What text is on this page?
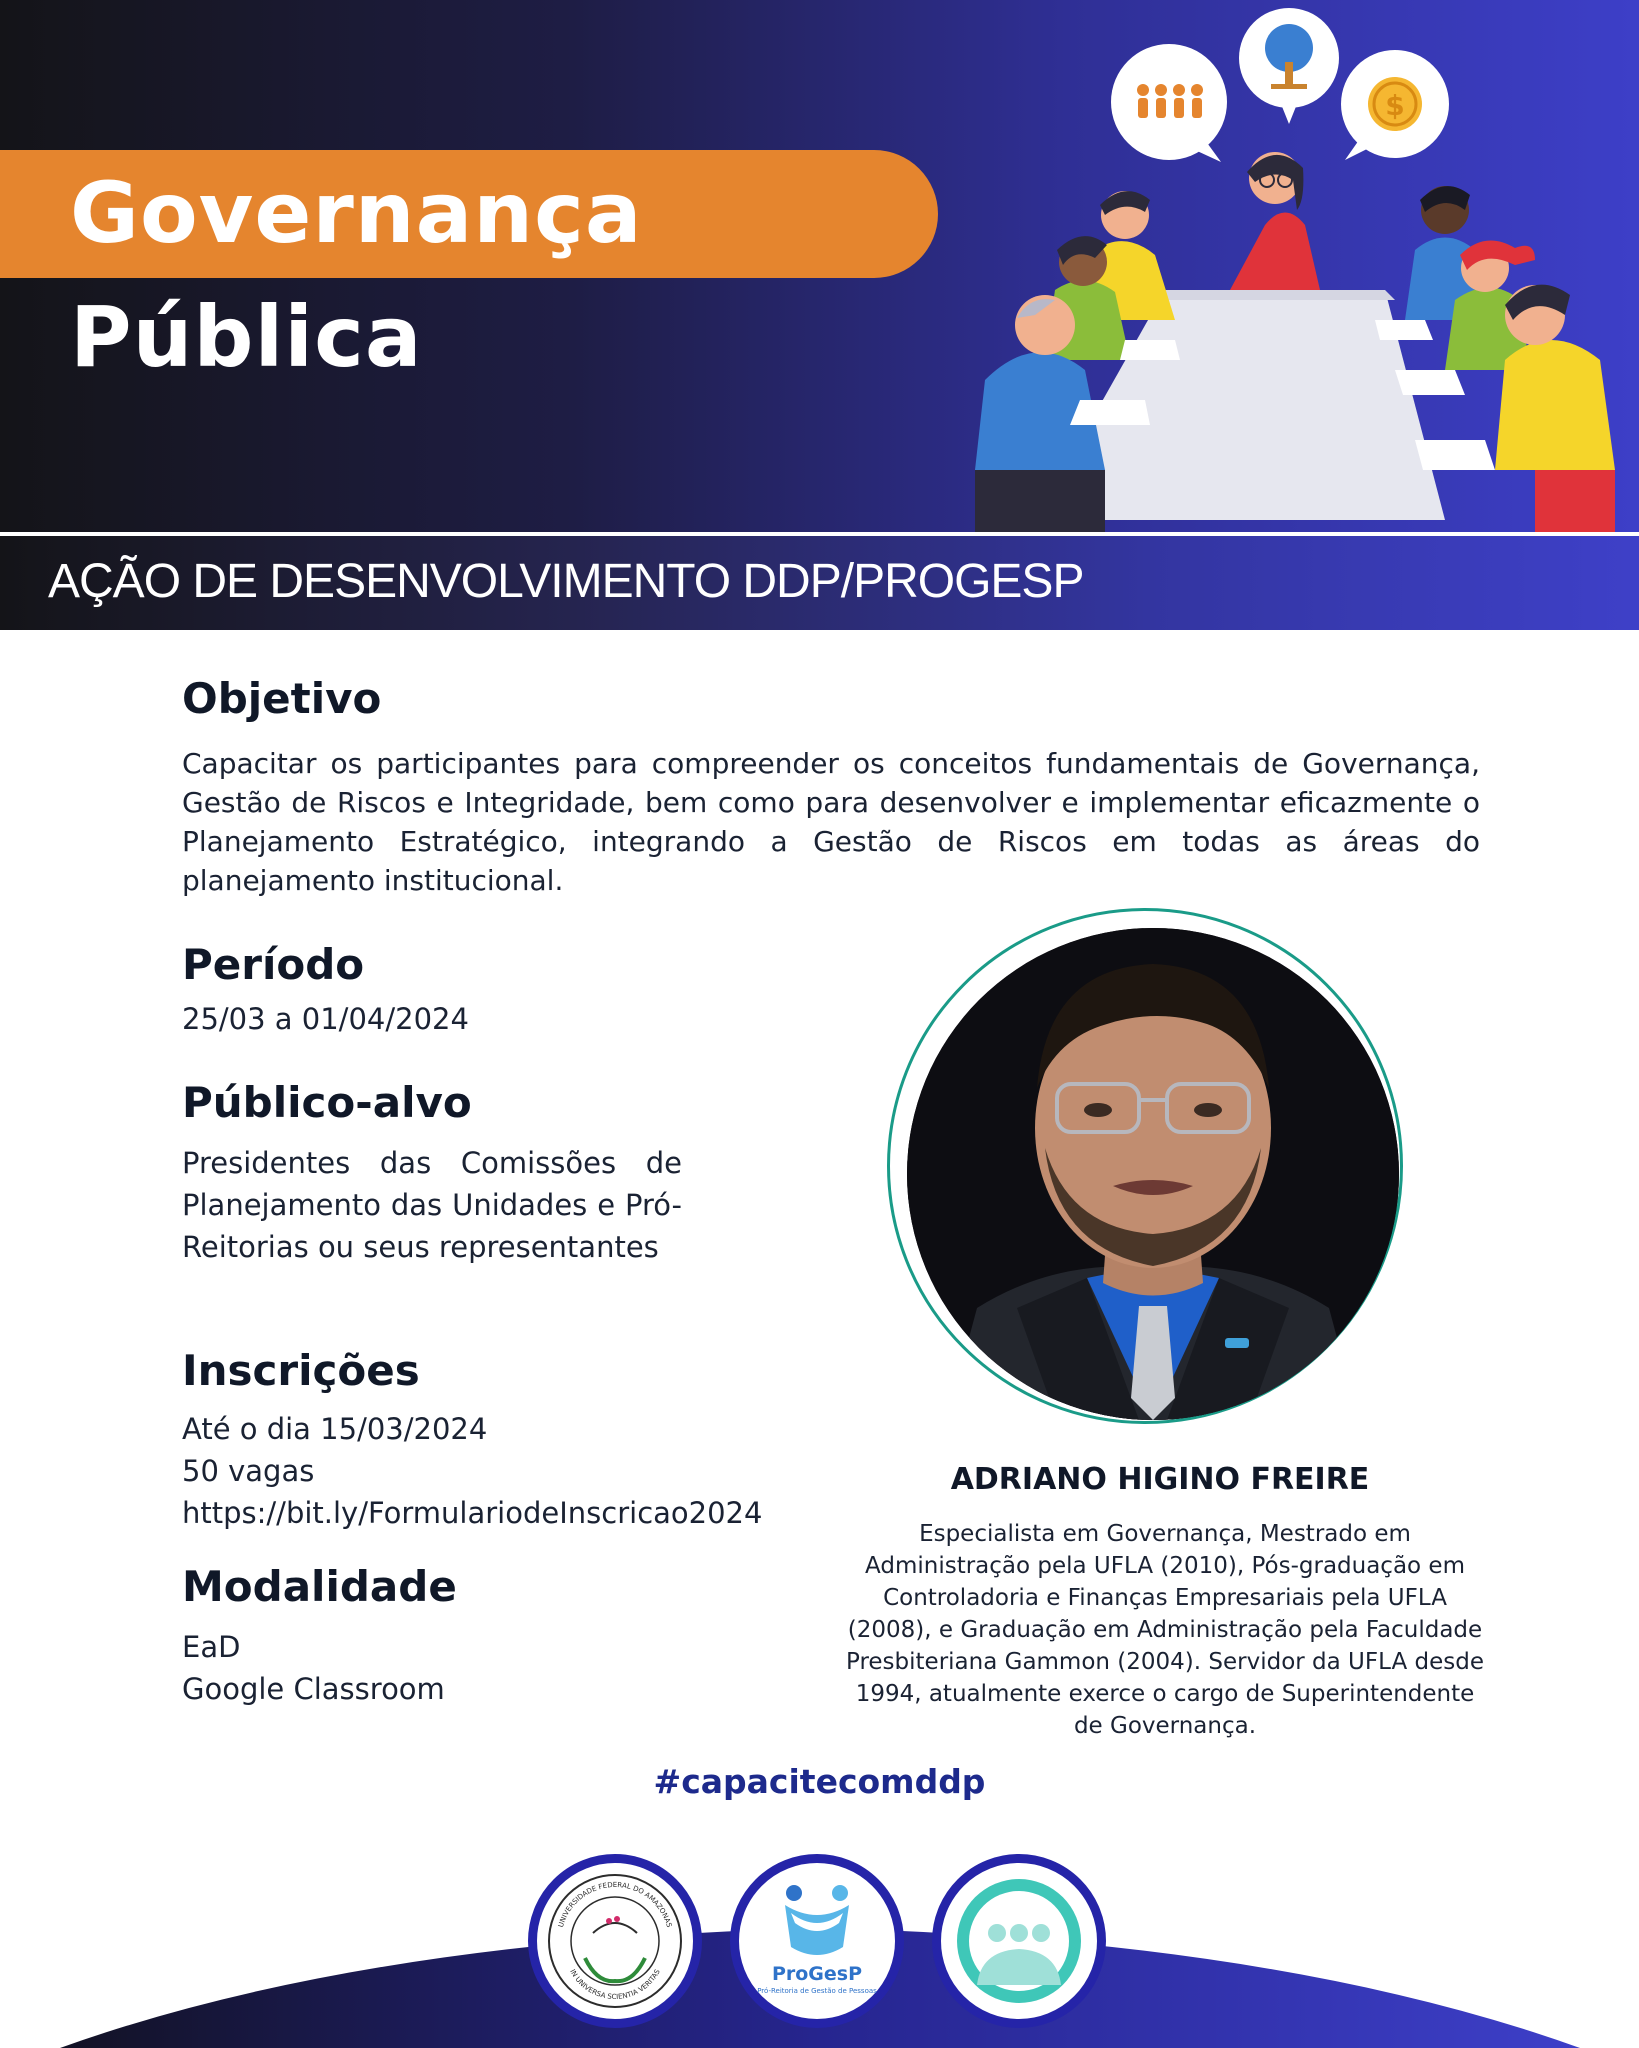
Governança
Pública
$
AÇÃO DE DESENVOLVIMENTO DDP/PROGESP
Objetivo
Capacitar os participantes para compreender os conceitos fundamentais de Governança, Gestão de Riscos e Integridade, bem como para desenvolver e implementar eficazmente o Planejamento Estratégico, integrando a Gestão de Riscos em todas as áreas do planejamento institucional.
Período
25/03 a 01/04/2024
Público-alvo
Presidentes das Comissões de Planejamento das Unidades e Pró-Reitorias ou seus representantes
Inscrições
Até o dia 15/03/2024
50 vagas
https://bit.ly/FormulariodeInscricao2024
Modalidade
EaD
Google Classroom
ADRIANO HIGINO FREIRE
Especialista em Governança, Mestrado em Administração pela UFLA (2010), Pós-graduação em Controladoria e Finanças Empresariais pela UFLA (2008), e Graduação em Administração pela Faculdade Presbiteriana Gammon (2004). Servidor da UFLA desde 1994, atualmente exerce o cargo de Superintendente de Governança.
#capacitecomddp
UNIVERSIDADE FEDERAL DO AMAZONAS
IN UNIVERSA SCIENTIA VERITAS	ProGesP
Pró-Reitoria de Gestão de Pessoas
